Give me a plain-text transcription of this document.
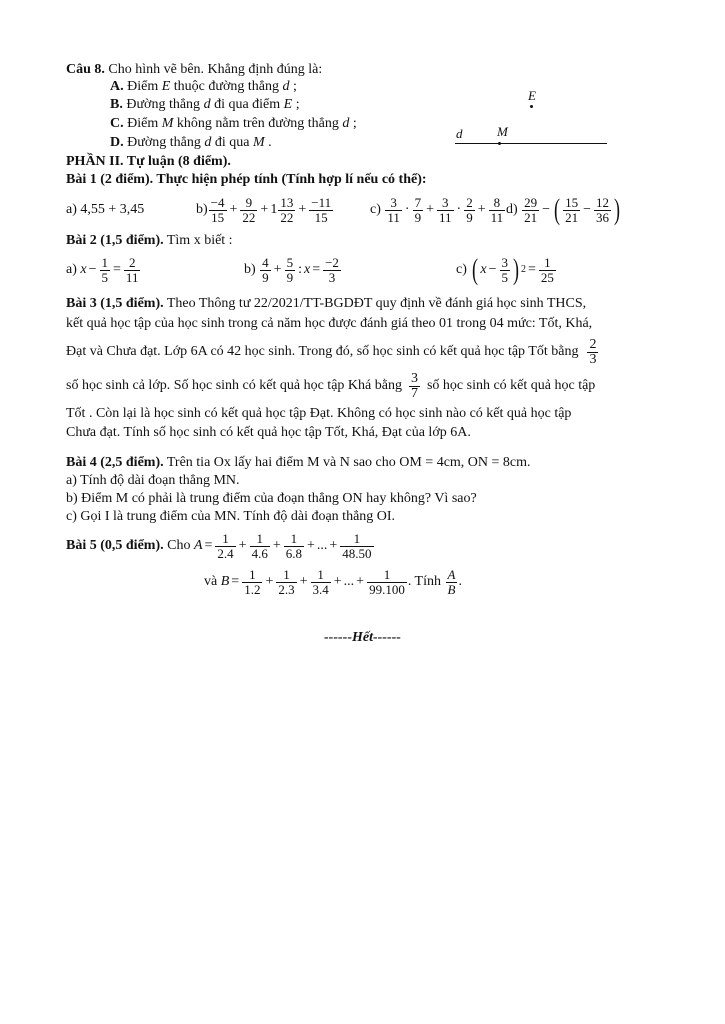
Câu 8. Cho hình vẽ bên. Khẳng định đúng là:
A. Điểm E thuộc đường thẳng d ;
B. Đường thẳng d đi qua điểm E ;
C. Điểm M không nằm trên đường thẳng d ;
D. Đường thẳng d đi qua M .
E
d	M
PHẦN II. Tự luận (8 điểm).
Bài 1 (2 điểm). Thực hiện phép tính (Tính hợp lí nếu có thể):
a)
4,55 + 3,45	$b) \frac{-4}{15} + \frac{9}{22} + 1 \frac{13}{22} + \frac{-11}{15}$	c)
$\frac{3}{11} \cdot \frac{7}{9} + \frac{3}{11} \cdot \frac{2}{9} + \frac{8}{11} d$)
$\frac{29}{21}$ − ( $\frac{15}{21} - \frac{12}{36}$ )
Bài 2 (1,5 điểm). Tìm x biết :
a)
$x - \frac{1}{5} = \frac{2}{11}$	b)
$\frac{4}{9} + \frac{5}{9}$ : $x = \frac{-2}{3}$	c)
( $x - \frac{3}{5}$ ) $2 = \frac{1}{25}$
Bài 3 (1,5 điểm). Theo Thông tư 22/2021/TT-BGDĐT quy định về đánh giá học sinh THCS,
kết quả học tập của học sinh trong cả năm học được đánh giá theo 01 trong 04 mức: Tốt, Khá,
Đạt và Chưa đạt. Lớp 6A có 42 học sinh. Trong đó, số học sinh có kết quả học tập Tốt bằng $\frac{2}{3}$
số học sinh cả lớp. Số học sinh có kết quả học tập Khá bằng $\frac{3}{7}$ số học sinh có kết quả học tập
Tốt . Còn lại là học sinh có kết quả học tập Đạt. Không có học sinh nào có kết quả học tập
Chưa đạt. Tính số học sinh có kết quả học tập Tốt, Khá, Đạt của lớp 6A.
Bài 4 (2,5 điểm). Trên tia Ox lấy hai điểm M và N sao cho OM = 4cm, ON = 8cm.
a) Tính độ dài đoạn thẳng MN.
b) Điểm M có phải là trung điểm của đoạn thẳng ON hay không? Vì sao?
c) Gọi I là trung điểm của MN. Tính độ dài đoạn thẳng OI.
Bài 5 (0,5 điểm).
Cho
$A = \frac{1}{2.4} + \frac{1}{4.6} + \frac{1}{6.8}$ + ... + $\frac{1}{48.50}$
và
$B = \frac{1}{1.2} + \frac{1}{2.3} + \frac{1}{3.4}$ + ... + $\frac{1}{99.100}$ . Tính
$\frac{A}{B}$ .
------Hết------
